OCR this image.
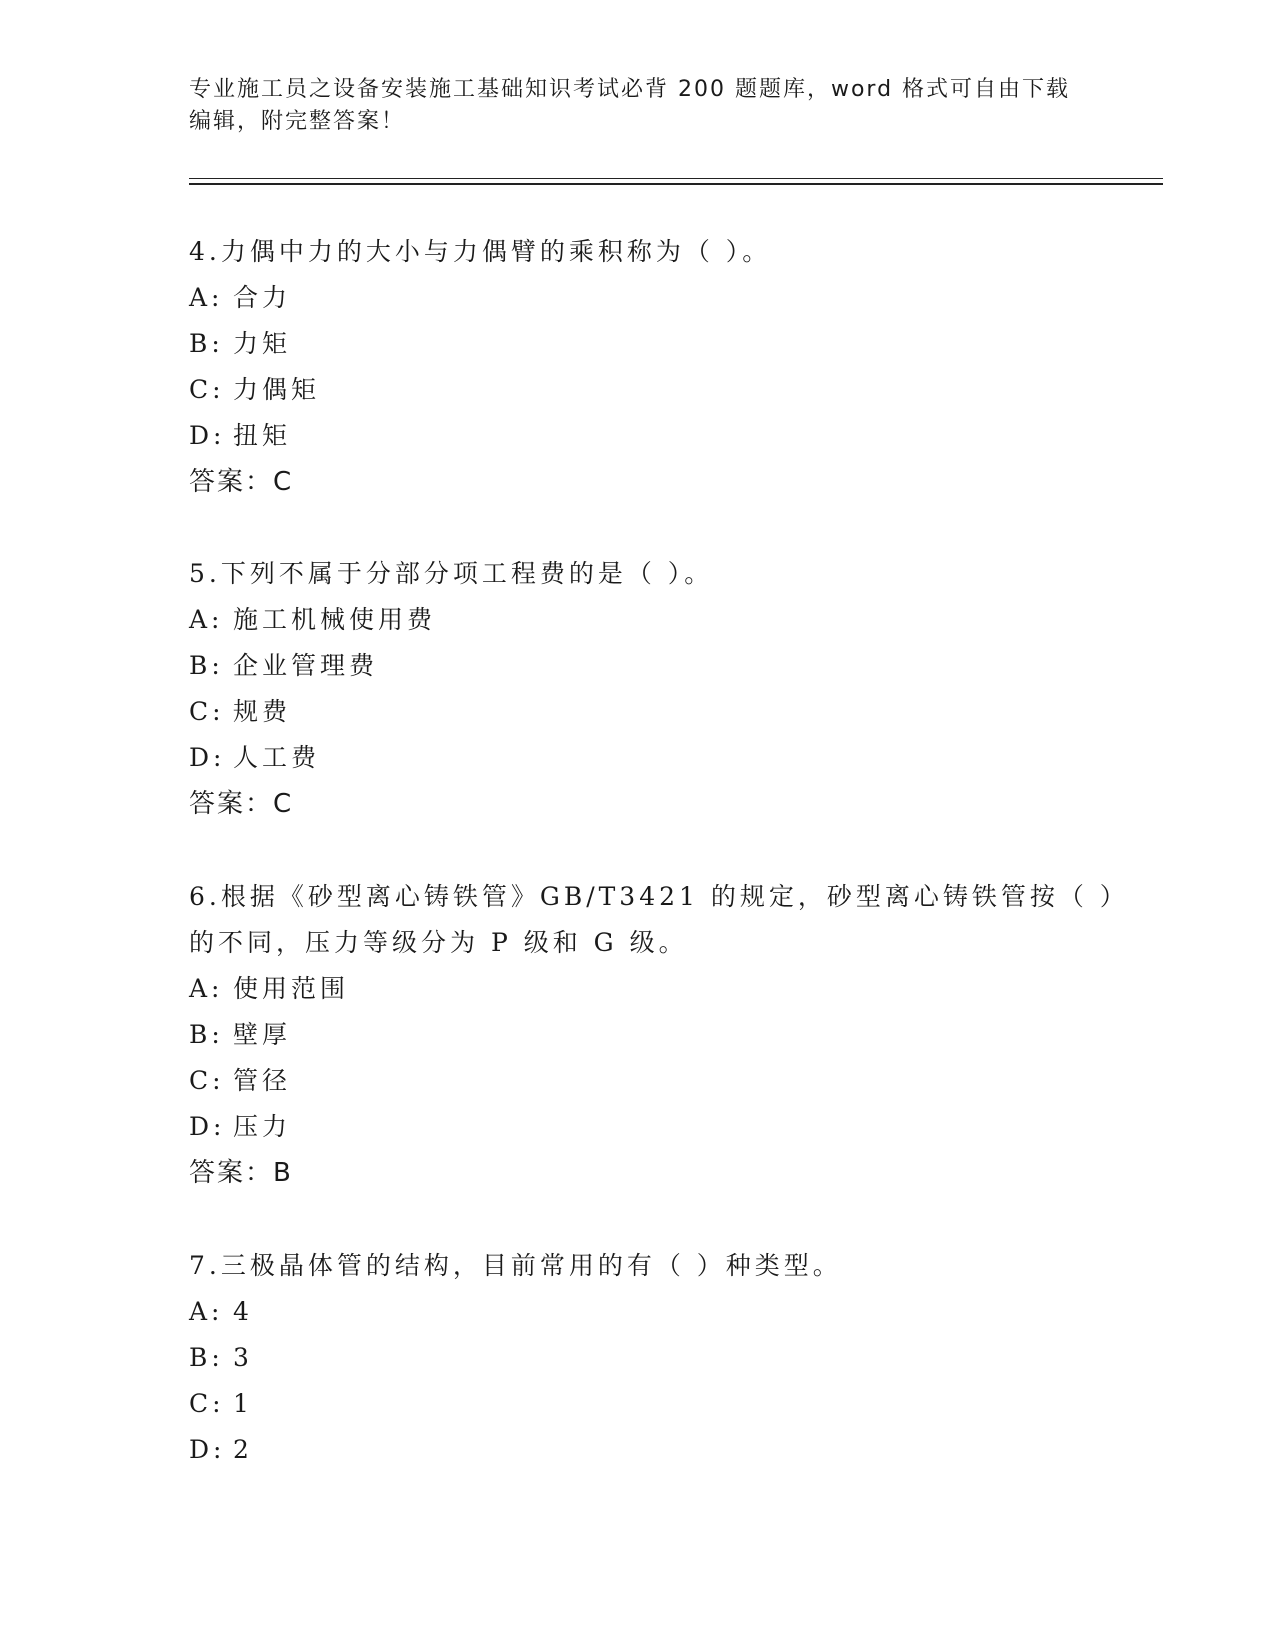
专业施工员之设备安装施工基础知识考试必背 200 题题库，word 格式可自由下载
编辑，附完整答案！
4.力偶中力的大小与力偶臂的乘积称为（ ）。
A: 合力
B: 力矩
C: 力偶矩
D: 扭矩
答案：C
5.下列不属于分部分项工程费的是（ ）。
A: 施工机械使用费
B: 企业管理费
C: 规费
D: 人工费
答案：C
6.根据《砂型离心铸铁管》GB/T3421 的规定，砂型离心铸铁管按（ ）
的不同，压力等级分为 P 级和 G 级。
A: 使用范围
B: 壁厚
C: 管径
D: 压力
答案：B
7.三极晶体管的结构，目前常用的有（ ）种类型。
A: 4
B: 3
C: 1
D: 2
